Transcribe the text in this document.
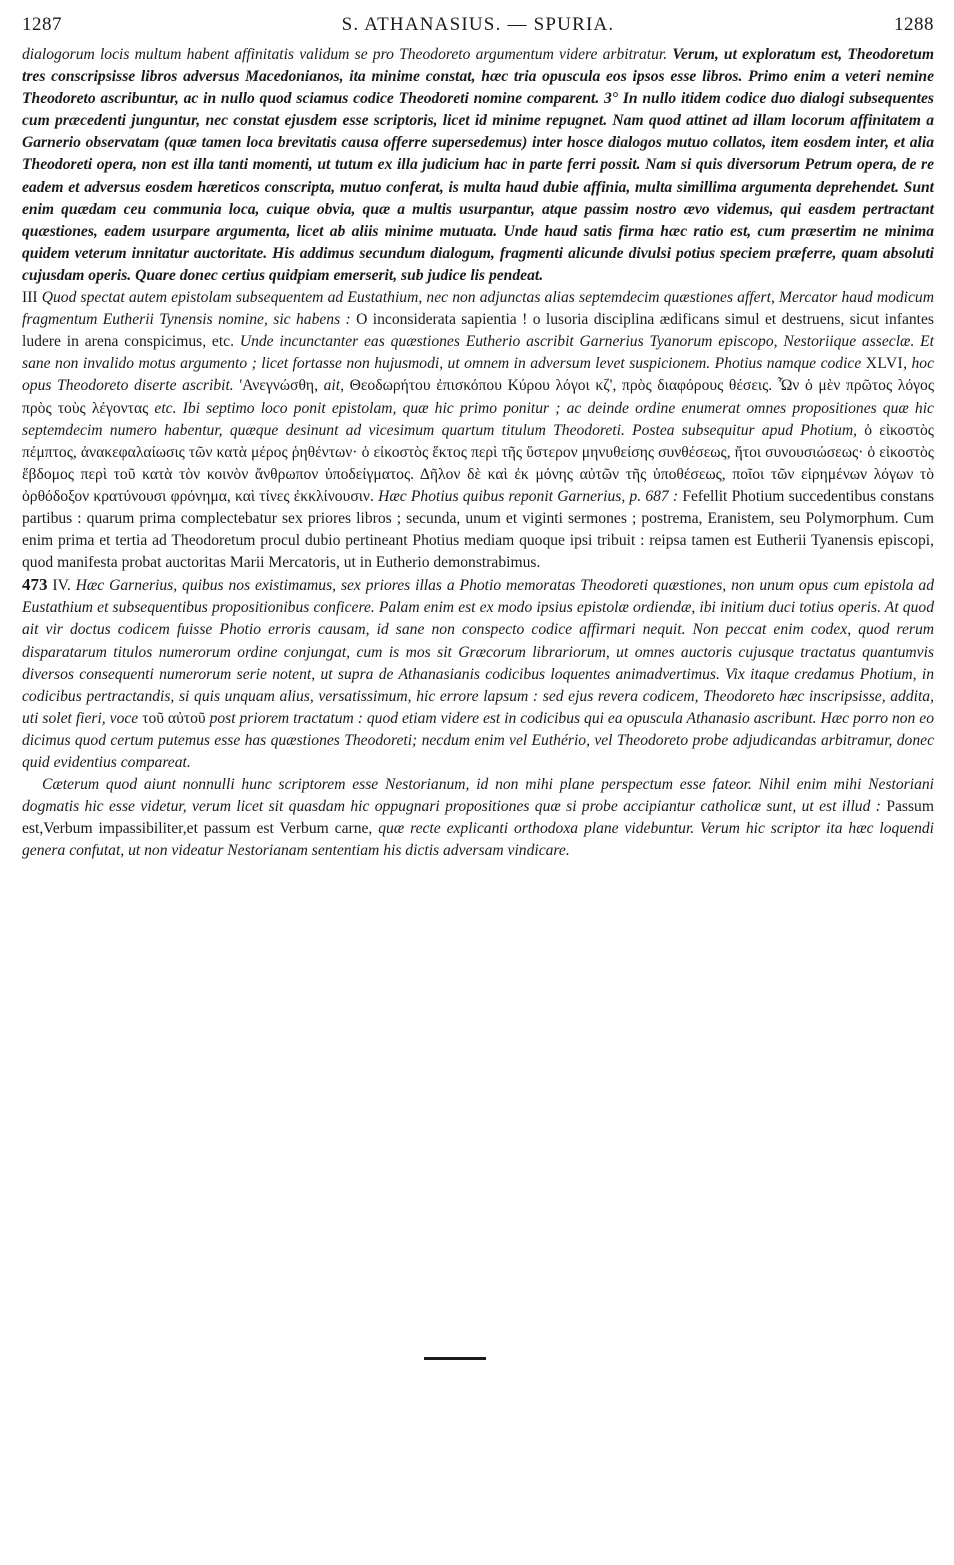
1287	S. ATHANASIUS. — SPURIA.	1288

dialogorum locis multum habent affinitatis validum se pro Theodoreto argumentum videre arbitratur. Verum, ut exploratum est, Theodoretum tres conscripsisse libros adversus Macedonianos, ita minime constat, hæc tria opuscula eos ipsos esse libros. Primo enim a veteri nemine Theodoreto ascribuntur, ac in nullo quod sciamus codice Theodoreti nomine comparent. 3° In nullo itidem codice duo dialogi subsequentes cum præcedenti junguntur, nec constat ejusdem esse scriptoris, licet id minime repugnet. Nam quod attinet ad illam locorum affinitatem a Garnerio observatam (quæ tamen loca brevitatis causa offerre supersedemus) inter hosce dialogos mutuo collatos, item eosdem inter, et alia Theodoreti opera, non est illa tanti momenti, ut tutum ex illa judicium hac in parte ferri possit. Nam si quis diversorum Petrum opera, de re eadem et adversus eosdem hæreticos conscripta, mutuo conferat, is multa haud dubie affinia, multa simillima argumenta deprehendet. Sunt enim quædam ceu communia loca, cuique obvia, quæ a multis usurpantur, atque passim nostro ævo videmus, qui easdem pertractant quæstiones, eadem usurpare argumenta, licet ab aliis minime mutuata. Unde haud satis firma hæc ratio est, cum præsertim ne minima quidem veterum innitatur auctoritate. His addimus secundum dialogum, fragmenti alicunde divulsi potius speciem præferre, quam absoluti cujusdam operis. Quare donec certius quidpiam emerserit, sub judice lis pendeat.

III Quod spectat autem epistolam subsequentem ad Eustathium, nec non adjunctas alias septemdecim quæstiones affert, Mercator haud modicum fragmentum Eutherii Tynensis nomine, sic habens : O inconsiderata sapientia ! o lusoria disciplina ædificans simul et destruens, sicut infantes ludere in arena conspicimus, etc. Unde incunctanter eas quæstiones Eutherio ascribit Garnerius Tyanorum episcopo, Nestoriique asseclæ. Et sane non invalido motus argumento ; licet fortasse non hujusmodi, ut omnem in adversum levet suspicionem. Photius namque codice XLVI, hoc opus Theodoreto diserte ascribit. 'Ανεγνώσθη, ait, Θεοδωρήτου ἐπισκόπου Κύρου λόγοι κζ', πρὸς διαφόρους θέσεις. Ὧν ὁ μὲν πρῶτος λόγος πρὸς τοὺς λέγοντας etc. Ibi septimo loco ponit epistolam, quæ hic primo ponitur ; ac deinde ordine enumerat omnes propositiones quæ hic septemdecim numero habentur, quæque desinunt ad vicesimum quartum titulum Theodoreti. Postea subsequitur apud Photium, ὁ εἰκοστὸς πέμπτος, ἀνακεφαλαίωσις τῶν κατὰ μέρος ῥηθέντων· ὁ εἰκοστὸς ἕκτος περὶ τῆς ὕστερον μηνυθείσης συνθέσεως, ἤτοι συνουσιώσεως· ὁ εἰκοστὸς ἕβδομος περὶ τοῦ κατὰ τὸν κοινὸν ἄνθρωπον ὑποδείγματος. Δῆλον δὲ καὶ ἐκ μόνης αὐτῶν τῆς ὑποθέσεως, ποῖοι τῶν εἰρημένων λόγων τὸ ὀρθόδοξον κρατύνουσι φρόνημα, καὶ τίνες ἐκκλίνουσιν. Hæc Photius quibus reponit Garnerius, p. 687 : Fefellit Photium succedentibus constans partibus : quarum prima complectebatur sex priores libros ; secunda, unum et viginti sermones ; postrema, Eranistem, seu Polymorphum. Cum enim prima et tertia ad Theodoretum procul dubio pertineant Photius mediam quoque ipsi tribuit : reipsa tamen est Eutherii Tyanensis episcopi, quod manifesta probat auctoritas Marii Mercatoris, ut in Eutherio demonstrabimus.

473 IV. Hæc Garnerius, quibus nos existimamus, sex priores illas a Photio memoratas Theodoreti quæstiones, non unum opus cum epistola ad Eustathium et subsequentibus propositionibus conficere. Palam enim est ex modo ipsius epistolæ ordiendæ, ibi initium duci totius operis. At quod ait vir doctus codicem fuisse Photio erroris causam, id sane non conspecto codice affirmari nequit. Non peccat enim codex, quod rerum disparatarum titulos numerorum ordine conjungat, cum is mos sit Græcorum librariorum, ut omnes auctoris cujusque tractatus quantumvis diversos consequenti numerorum serie notent, ut supra de Athanasianis codicibus loquentes animadvertimus. Vix itaque credamus Photium, in codicibus pertractandis, si quis unquam alius, versatissimum, hic errore lapsum : sed ejus revera codicem, Theodoreto hæc inscripsisse, addita, uti solet fieri, voce τοῦ αὐτοῦ post priorem tractatum : quod etiam videre est in codicibus qui ea opuscula Athanasio ascribunt. Hæc porro non eo dicimus quod certum putemus esse has quæstiones Theodoreti; necdum enim vel Euthério, vel Theodoreto probe adjudicandas arbitramur, donec quid evidentius compareat.

Cæterum quod aiunt nonnulli hunc scriptorem esse Nestorianum, id non mihi plane perspectum esse fateor. Nihil enim mihi Nestoriani dogmatis hic esse videtur, verum licet sit quasdam hic oppugnari propositiones quæ si probe accipiantur catholicæ sunt, ut est illud : Passum est,Verbum impassibiliter,et passum est Verbum carne, quæ recte explicanti orthodoxa plane videbuntur. Verum hic scriptor ita hæc loquendi genera confutat, ut non videatur Nestorianam sententiam his dictis adversam vindicare.
